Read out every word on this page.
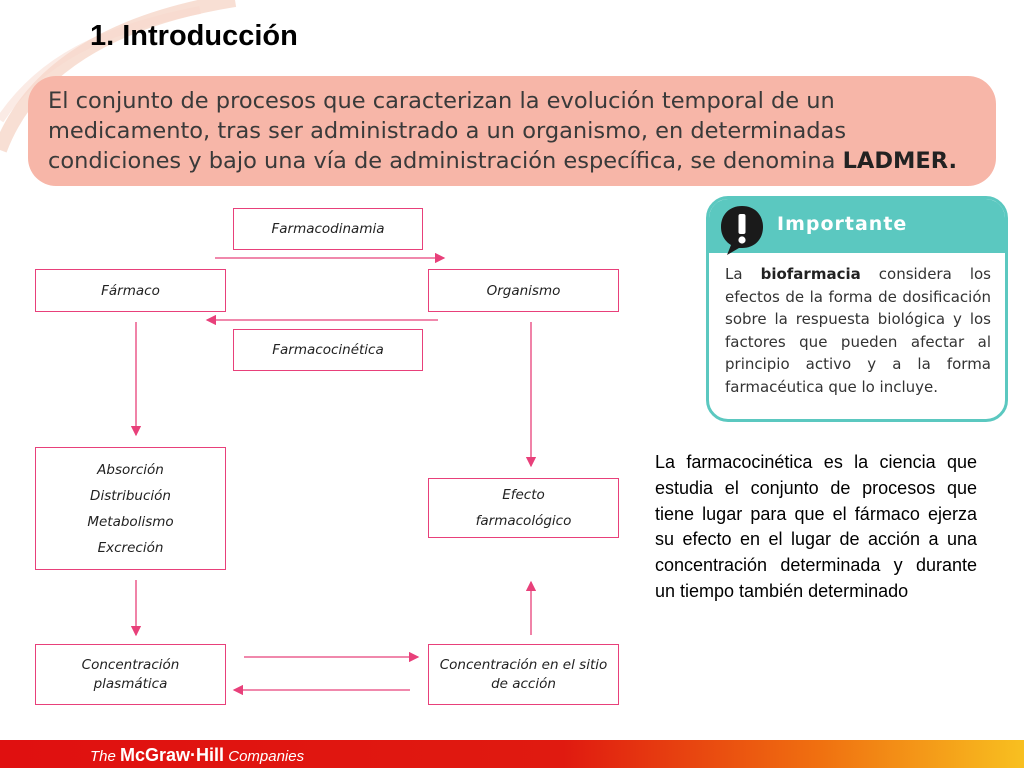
1. Introducción
El conjunto de procesos que caracterizan la evolución temporal de un medicamento, tras ser administrado a un organismo, en determinadas condiciones y bajo una vía de administración específica, se denomina LADMER.
Farmacodinamia
Fármaco	Organismo
Farmacocinética
Absorción
Distribución
Metabolismo
Excreción
Efecto
farmacológico
Concentración
plasmática
Concentración en el sitio
de acción
Importante
La biofarmacia considera los efectos de la forma de dosificación sobre la respuesta biológica y los factores que pueden afectar al principio activo y a la forma farmacéutica que lo incluye.
La farmacocinética es la ciencia que estudia el conjunto de procesos que tiene lugar para que el fármaco ejerza su efecto en el lugar de acción a una concentración determinada y durante un tiempo también determinado
The McGraw·Hill Companies
